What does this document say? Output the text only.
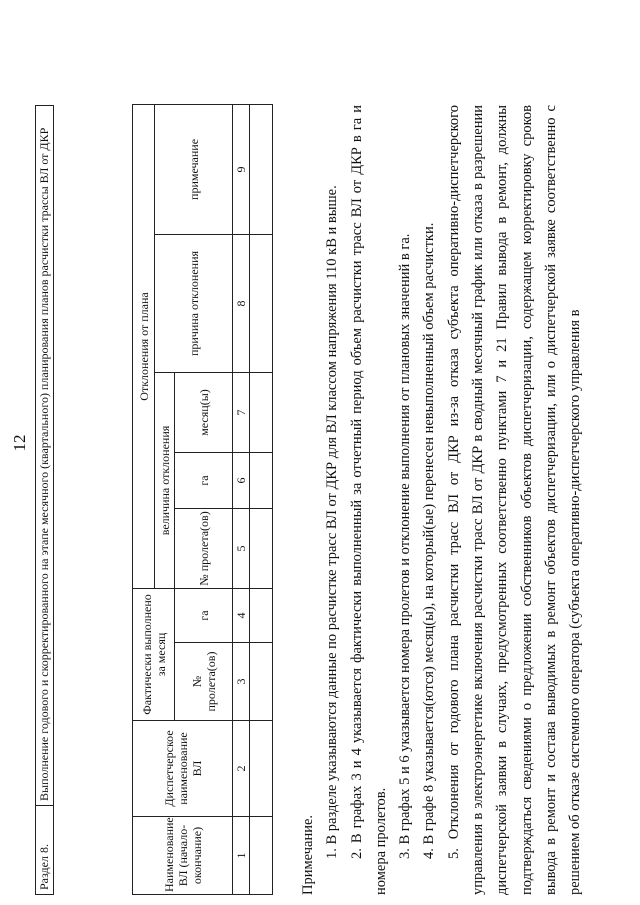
12
Раздел 8.	Выполнение годового и скорректированного на этапе месячного (квартального) планирования планов расчистки трассы ВЛ от ДКР
Наименование ВЛ (начало-окончание)	Диспетчерское наименование ВЛ	Фактически выполнено за месяц		Отклонения от плана				
				величина отклонения			причина отклонения	примечание
		№ пролета(ов)	га	№ пролета(ов)	га	месяц(ы)		
1	2	3	4	5	6	7	8	9

Примечание. 1. В разделе указываются данные по расчистке трасс ВЛ от ДКР для ВЛ классом напряжения 110 кВ и выше. 2. В графах 3 и 4 указывается фактически выполненный за отчетный период объем расчистки трасс ВЛ от ДКР в га и номера пролетов. 3. В графах 5 и 6 указывается номера пролетов и отклонение выполнения от плановых значений в га. 4. В графе 8 указывается(ются) месяц(ы), на который(ые) перенесен невыполненный объем расчистки. 5. Отклонения от годового плана расчистки трасс ВЛ от ДКР из-за отказа субъекта оперативно-диспетчерского управления в электроэнергетике включения расчистки трасс ВЛ от ДКР в сводный месячный график или отказа в разрешении диспетчерской заявки в случаях, предусмотренных соответственно пунктами 7 и 21 Правил вывода в ремонт, должны подтверждаться сведениями о предложении собственников объектов диспетчеризации, содержащем корректировку сроков вывода в ремонт и состава выводимых в ремонт объектов диспетчеризации, или о диспетчерской заявке соответственно с решением об отказе системного оператора (субъекта оперативно-диспетчерского управления в
